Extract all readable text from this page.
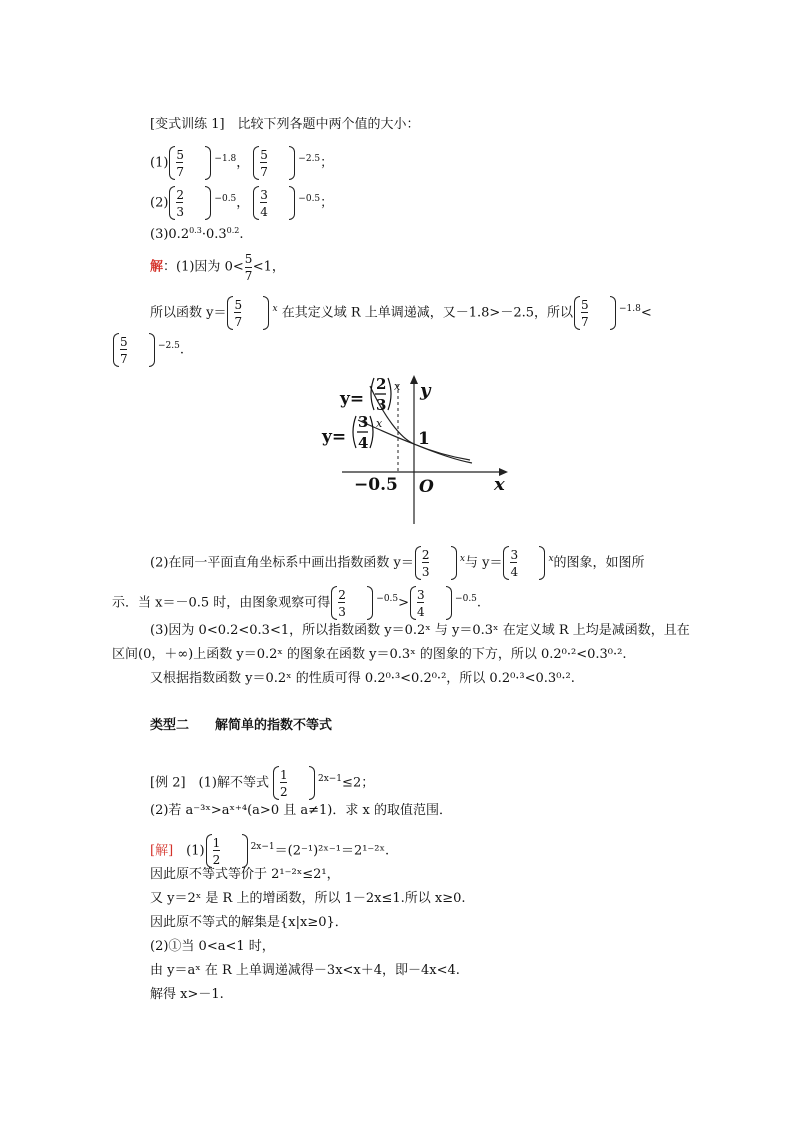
[变式训练 1]　比较下列各题中两个值的大小：
$(1) \frac{5}{7}$	−1.8， $\frac{5}{7}$	−2.5；
$(2) \frac{2}{3}$	−0.5， $\frac{3}{4}$	−0.5；
$(3)0.2^{0.3}\cdot 0.3^{0.2}$.
解：(1)因为 $0< \frac{5}{7} <1$，
所以函数 $y= \frac{5}{7}$	x 在其定义域 R 上单调递减，又－1.8>－2.5，所以 $\frac{5}{7}$	−1.8<
$\frac{5}{7}$	−2.5.
y=
2
3
x
y=
3
4
x
y
x
1
−0.5 O
(2)在同一平面直角坐标系中画出指数函数 $y= \frac{2}{3}$	x与 $y= \frac{3}{4}$	x的图象，如图所
示．当 x＝－0.5 时，由图象观察可得 $\frac{2}{3}$	$-0.5> \frac{3}{4}$	−0.5.
(3)因为 0<0.2<0.3<1，所以指数函数 y＝0.2ˣ 与 y＝0.3ˣ 在定义域 R 上均是减函数，且在
区间(0，＋∞)上函数 y＝0.2ˣ 的图象在函数 y＝0.3ˣ 的图象的下方，所以 0.2⁰·²<0.3⁰·².
又根据指数函数 y＝0.2ˣ 的性质可得 0.2⁰·³<0.2⁰·²，所以 0.2⁰·³<0.3⁰·².
类型二　　解简单的指数不等式
[例 2]　(1)解不等式 $\frac{1}{2}$	2x−1≤2；
(2)若 a⁻³ˣ>aˣ⁺⁴(a>0 且 a≠1)．求 x 的取值范围．
[解]　$(1) \frac{1}{2}$	2x−1＝(2⁻¹)²ˣ⁻¹＝2¹⁻²ˣ.
因此原不等式等价于 2¹⁻²ˣ≤2¹，
又 y＝2ˣ 是 R 上的增函数，所以 1－2x≤1.所以 x≥0.
因此原不等式的解集是{x|x≥0}．
(2)①当 0<a<1 时，
由 y＝aˣ 在 R 上单调递减得－3x<x＋4，即－4x<4.
解得 x>－1.
